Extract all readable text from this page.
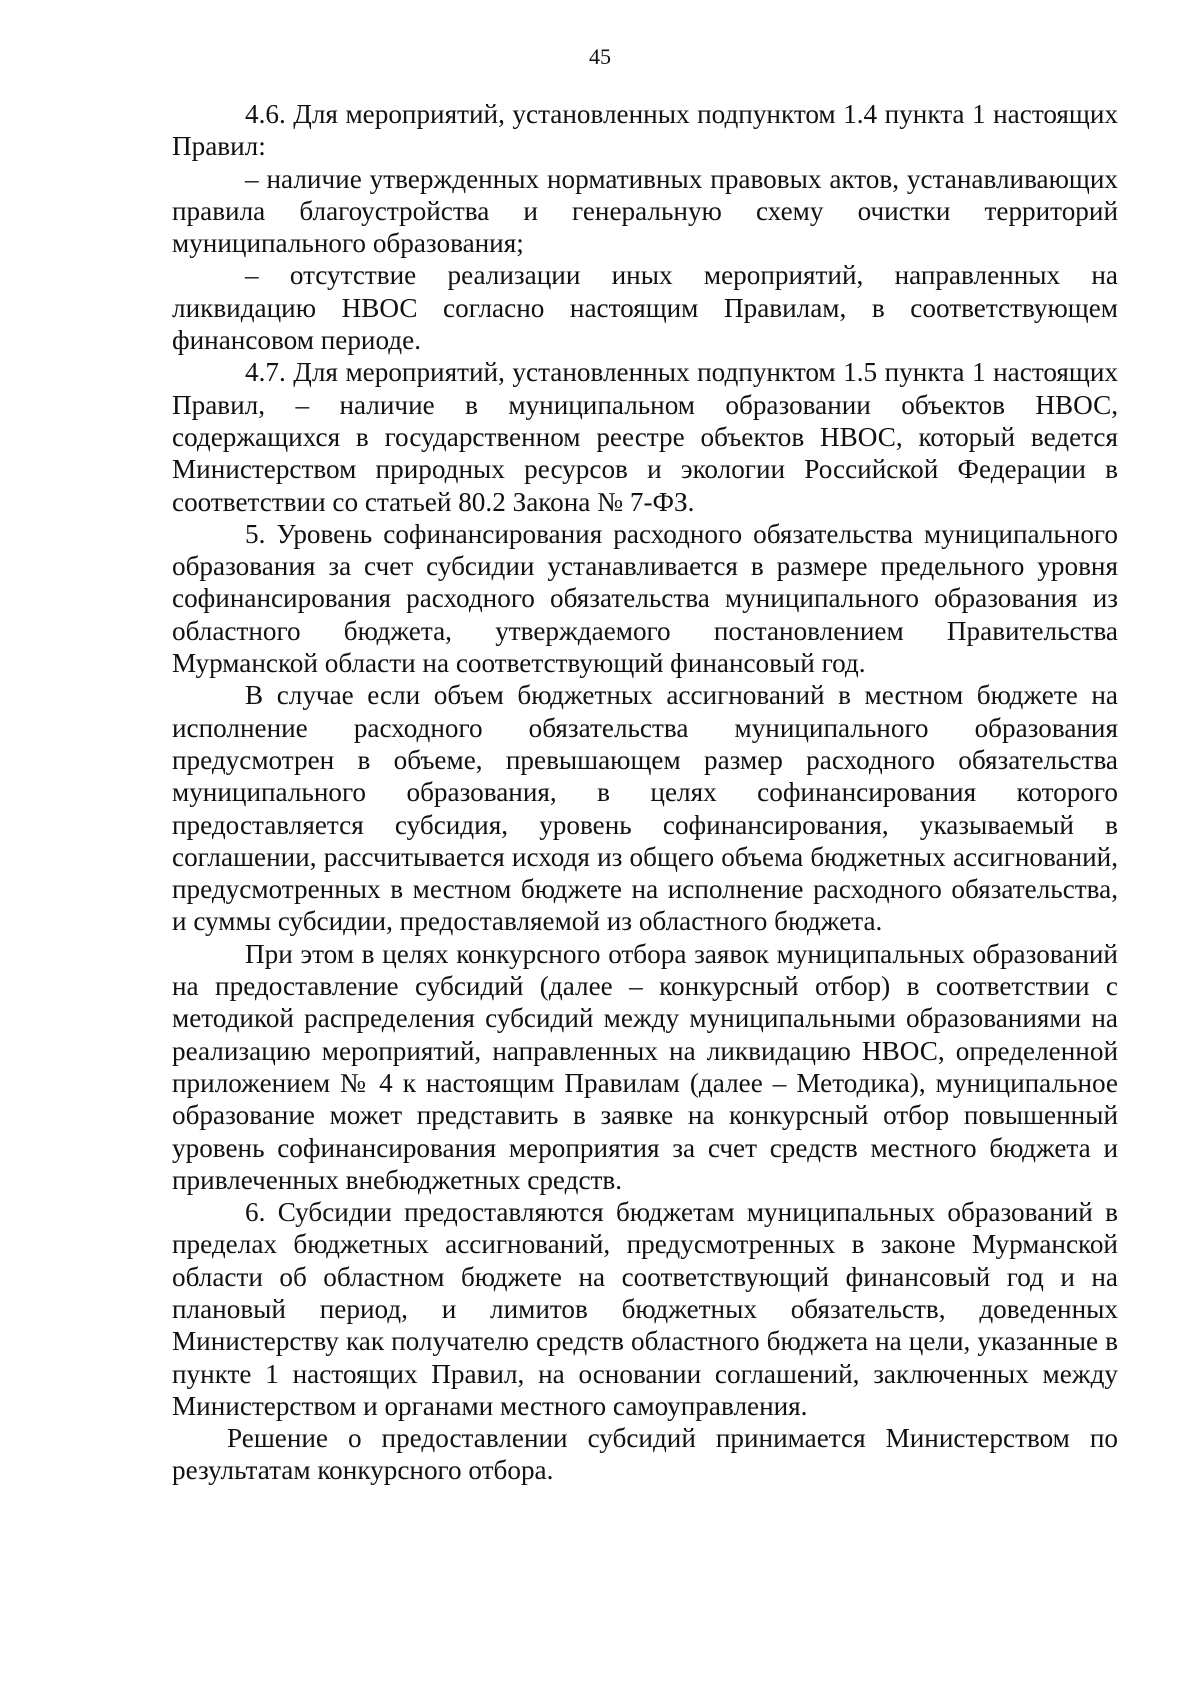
45

4.6. Для мероприятий, установленных подпунктом 1.4 пункта 1 настоящих Правил:

– наличие утвержденных нормативных правовых актов, устанавливающих правила благоустройства и генеральную схему очистки территорий муниципального образования;

– отсутствие реализации иных мероприятий, направленных на ликвидацию НВОС согласно настоящим Правилам, в соответствующем финансовом периоде.

4.7. Для мероприятий, установленных подпунктом 1.5 пункта 1 настоящих Правил, – наличие в муниципальном образовании объектов НВОС, содержащихся в государственном реестре объектов НВОС, который ведется Министерством природных ресурсов и экологии Российской Федерации в соответствии со статьей 80.2 Закона № 7-ФЗ.

5. Уровень софинансирования расходного обязательства муниципального образования за счет субсидии устанавливается в размере предельного уровня софинансирования расходного обязательства муниципального образования из областного бюджета, утверждаемого постановлением Правительства Мурманской области на соответствующий финансовый год.

В случае если объем бюджетных ассигнований в местном бюджете на исполнение расходного обязательства муниципального образования предусмотрен в объеме, превышающем размер расходного обязательства муниципального образования, в целях софинансирования которого предоставляется субсидия, уровень софинансирования, указываемый в соглашении, рассчитывается исходя из общего объема бюджетных ассигнований, предусмотренных в местном бюджете на исполнение расходного обязательства, и суммы субсидии, предоставляемой из областного бюджета.

При этом в целях конкурсного отбора заявок муниципальных образований на предоставление субсидий (далее – конкурсный отбор) в соответствии с методикой распределения субсидий между муниципальными образованиями на реализацию мероприятий, направленных на ликвидацию НВОС, определенной приложением № 4 к настоящим Правилам (далее – Методика), муниципальное образование может представить в заявке на конкурсный отбор повышенный уровень софинансирования мероприятия за счет средств местного бюджета и привлеченных внебюджетных средств.

6. Субсидии предоставляются бюджетам муниципальных образований в пределах бюджетных ассигнований, предусмотренных в законе Мурманской области об областном бюджете на соответствующий финансовый год и на плановый период, и лимитов бюджетных обязательств, доведенных Министерству как получателю средств областного бюджета на цели, указанные в пункте 1 настоящих Правил, на основании соглашений, заключенных между Министерством и органами местного самоуправления.

Решение о предоставлении субсидий принимается Министерством по результатам конкурсного отбора.
